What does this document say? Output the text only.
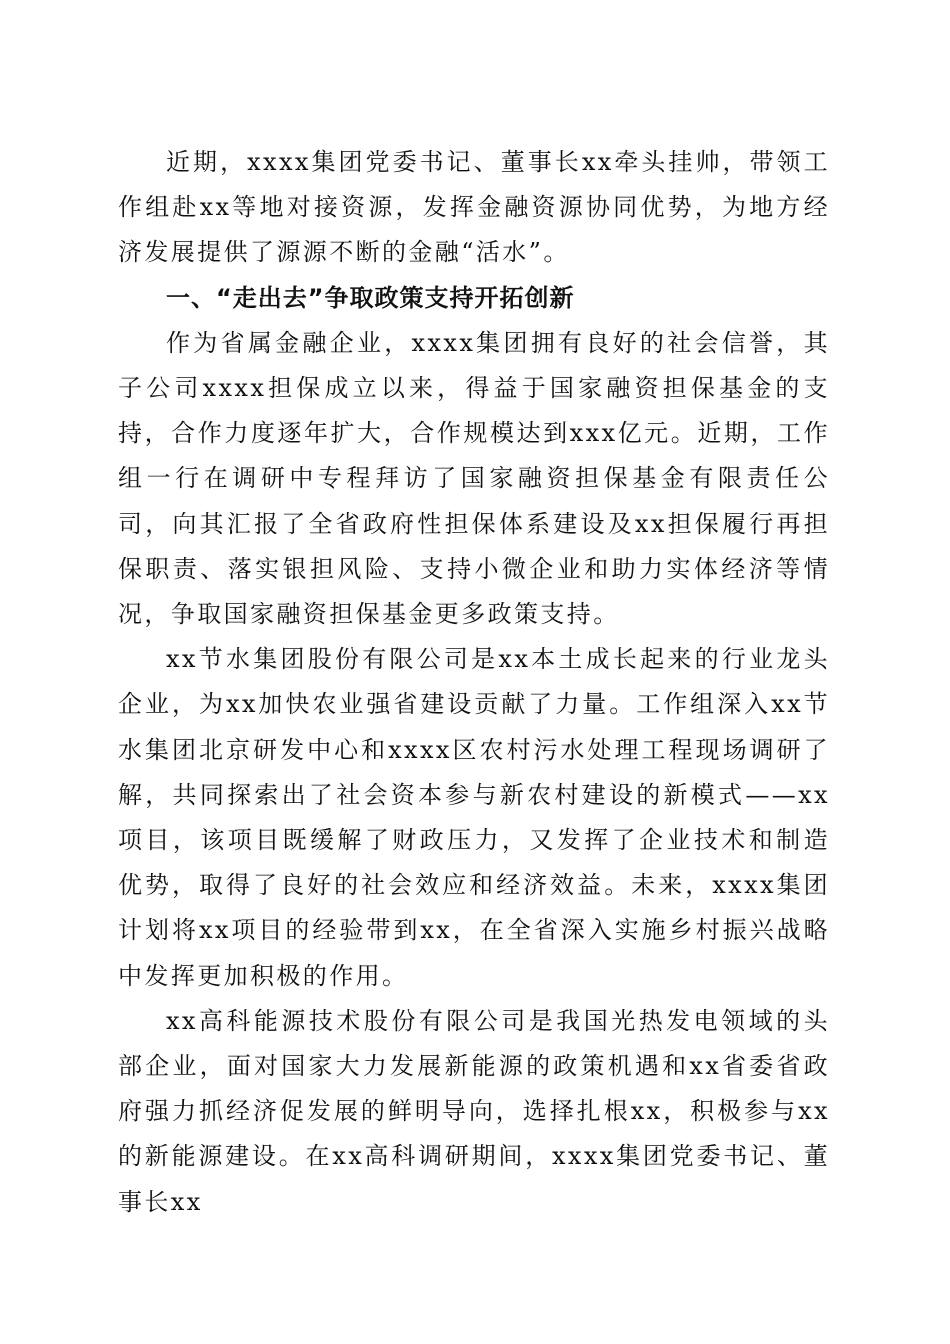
近期，xxxx集团党委书记、董事长xx牵头挂帅，带领工作组赴xx等地对接资源，发挥金融资源协同优势，为地方经济发展提供了源源不断的金融“活水”。

一、“走出去”争取政策支持开拓创新

作为省属金融企业，xxxx集团拥有良好的社会信誉，其子公司xxxx担保成立以来，得益于国家融资担保基金的支持，合作力度逐年扩大，合作规模达到xxx亿元。近期，工作组一行在调研中专程拜访了国家融资担保基金有限责任公司，向其汇报了全省政府性担保体系建设及xx担保履行再担保职责、落实银担风险、支持小微企业和助力实体经济等情况，争取国家融资担保基金更多政策支持。

xx节水集团股份有限公司是xx本土成长起来的行业龙头企业，为xx加快农业强省建设贡献了力量。工作组深入xx节水集团北京研发中心和xxxx区农村污水处理工程现场调研了解，共同探索出了社会资本参与新农村建设的新模式——xx项目，该项目既缓解了财政压力，又发挥了企业技术和制造优势，取得了良好的社会效应和经济效益。未来，xxxx集团计划将xx项目的经验带到xx，在全省深入实施乡村振兴战略中发挥更加积极的作用。

xx高科能源技术股份有限公司是我国光热发电领域的头部企业，面对国家大力发展新能源的政策机遇和xx省委省政府强力抓经济促发展的鲜明导向，选择扎根xx，积极参与xx的新能源建设。在xx高科调研期间，xxxx集团党委书记、董事长xx
